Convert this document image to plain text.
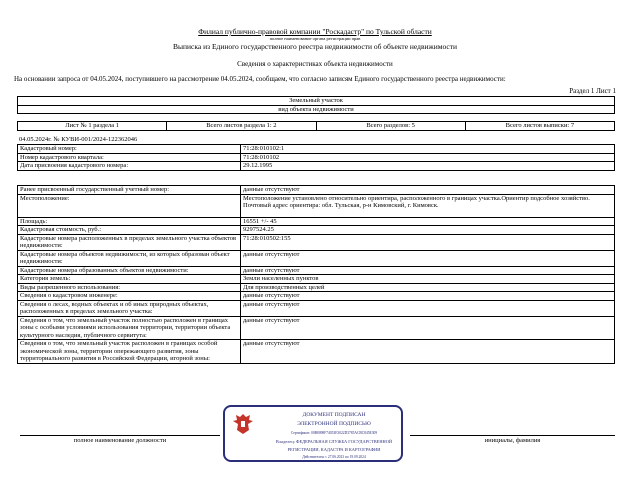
Филиал публично-правовой компании "Роскадастр" по Тульской области
полное наименование органа регистрации прав
Выписка из Единого государственного реестра недвижимости об объекте недвижимости
Сведения о характеристиках объекта недвижимости
На основании запроса от 04.05.2024, поступившего на рассмотрение 04.05.2024, сообщаем, что согласно записям Единого государственного реестра недвижимости:
Раздел 1 Лист 1
Земельный участок
вид объекта недвижимости
Лист № 1 раздела 1	Всего листов раздела 1: 2	Всего разделов: 5	Всего листов выписки: 7
04.05.2024г. № КУВИ-001/2024-122362046
Кадастровый номер:	71:28:010102:1
Номер кадастрового квартала:	71:28:010102
Дата присвоения кадастрового номера:	29.12.1995
Ранее присвоенный государственный учетный номер:	данные отсутствуют
Местоположение:	Местоположение установлено относительно ориентира, расположенного в границах участка.Ориентир подсобное хозяйство. Почтовый адрес ориентира: обл. Тульская, р-н Кимовский, г. Кимовск.
Площадь:	16551 +/- 45
Кадастровая стоимость, руб.:	9297524.25
Кадастровые номера расположенных в пределах земельного участка объектов недвижимости:	71:28:010502:155
Кадастровые номера объектов недвижимости, из которых образован объект недвижимости:	данные отсутствуют
Кадастровые номера образованных объектов недвижимости:	данные отсутствуют
Категория земель:	Земли населенных пунктов
Виды разрешенного использования:	Для производственных целей
Сведения о кадастровом инженере:	данные отсутствуют
Сведения о лесах, водных объектах и об иных природных объектах, расположенных в пределах земельного участка:	данные отсутствуют
Сведения о том, что земельный участок полностью расположен в границах зоны с особыми условиями использования территории, территории объекта культурного наследия, публичного сервитута:	данные отсутствуют
Сведения о том, что земельный участок расположен в границах особой экономической зоны, территории опережающего развития, зоны территориального развития в Российской Федерации, игорной зоны:	данные отсутствуют
полное наименование должности	инициалы, фамилия
ДОКУМЕНТ ПОДПИСАН
ЭЛЕКТРОННОЙ ПОДПИСЬЮ
Сертификат: 00B8098F74053E3022D3785ACBC845E309
Владелец: ФЕДЕРАЛЬНАЯ СЛУЖБА ГОСУДАРСТВЕННОЙ
РЕГИСТРАЦИИ, КАДАСТРА И КАРТОГРАФИИ
Действителен: с 27.06.2023 по 19.09.2024
